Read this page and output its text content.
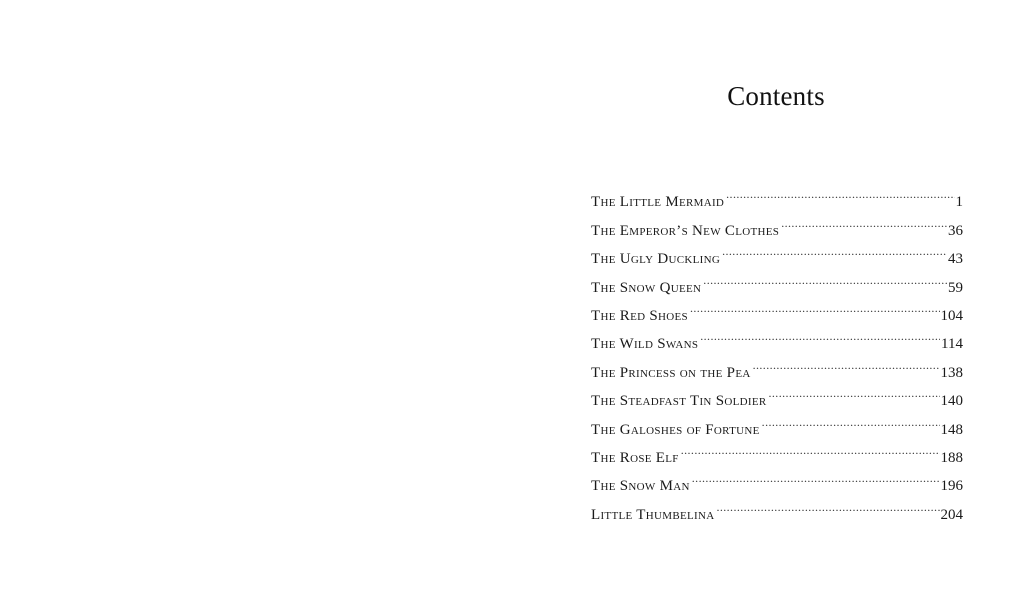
Contents
The Little Mermaid .....	1
The Emperor’s New Clothes .....	36
The Ugly Duckling .....	43
The Snow Queen .....	59
The Red Shoes .....	104
The Wild Swans .....	114
The Princess on the Pea .....	138
The Steadfast Tin Soldier .....	140
The Galoshes of Fortune .....	148
The Rose Elf .....	188
The Snow Man .....	196
Little Thumbelina .....	204
